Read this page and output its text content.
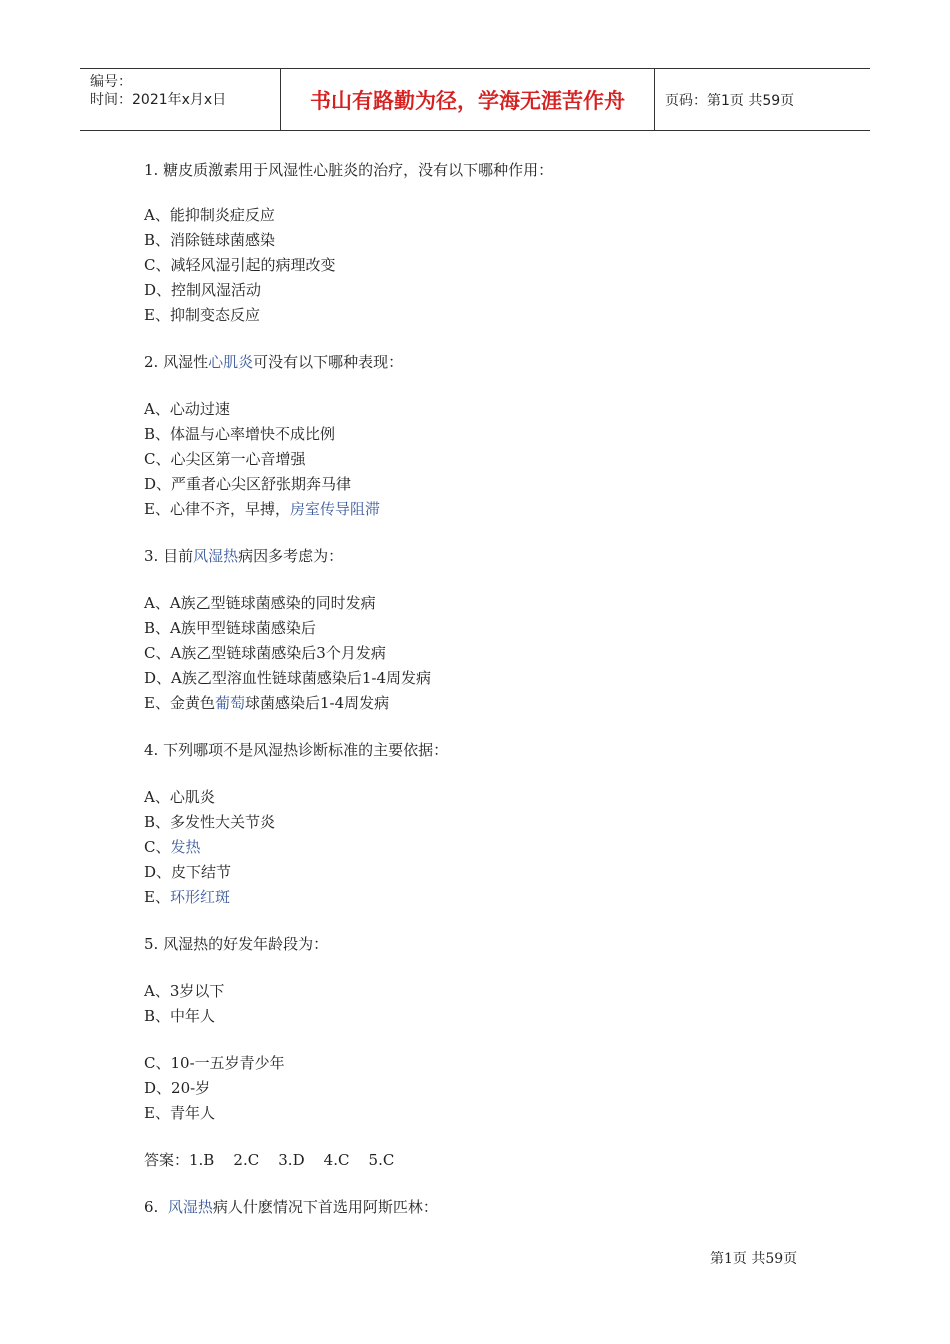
编号：
时间：2021年x月x日	书山有路勤为径，学海无涯苦作舟	页码：第1页 共59页
1. 糖皮质激素用于风湿性心脏炎的治疗，没有以下哪种作用：
A、能抑制炎症反应
B、消除链球菌感染
C、减轻风湿引起的病理改变
D、控制风湿活动
E、抑制变态反应
2. 风湿性心肌炎可没有以下哪种表现：
A、心动过速
B、体温与心率增快不成比例
C、心尖区第一心音增强
D、严重者心尖区舒张期奔马律
E、心律不齐，早搏，房室传导阻滞
3. 目前风湿热病因多考虑为：
A、A族乙型链球菌感染的同时发病
B、A族甲型链球菌感染后
C、A族乙型链球菌感染后3个月发病
D、A族乙型溶血性链球菌感染后1-4周发病
E、金黄色葡萄球菌感染后1-4周发病
4. 下列哪项不是风湿热诊断标准的主要依据：
A、心肌炎
B、多发性大关节炎
C、发热
D、皮下结节
E、环形红斑
5. 风湿热的好发年龄段为：
A、3岁以下
B、中年人
C、10-一五岁青少年
D、20-岁
E、青年人
答案：1.B    2.C    3.D    4.C    5.C
6.  风湿热病人什麽情况下首选用阿斯匹林：
第1页 共59页
